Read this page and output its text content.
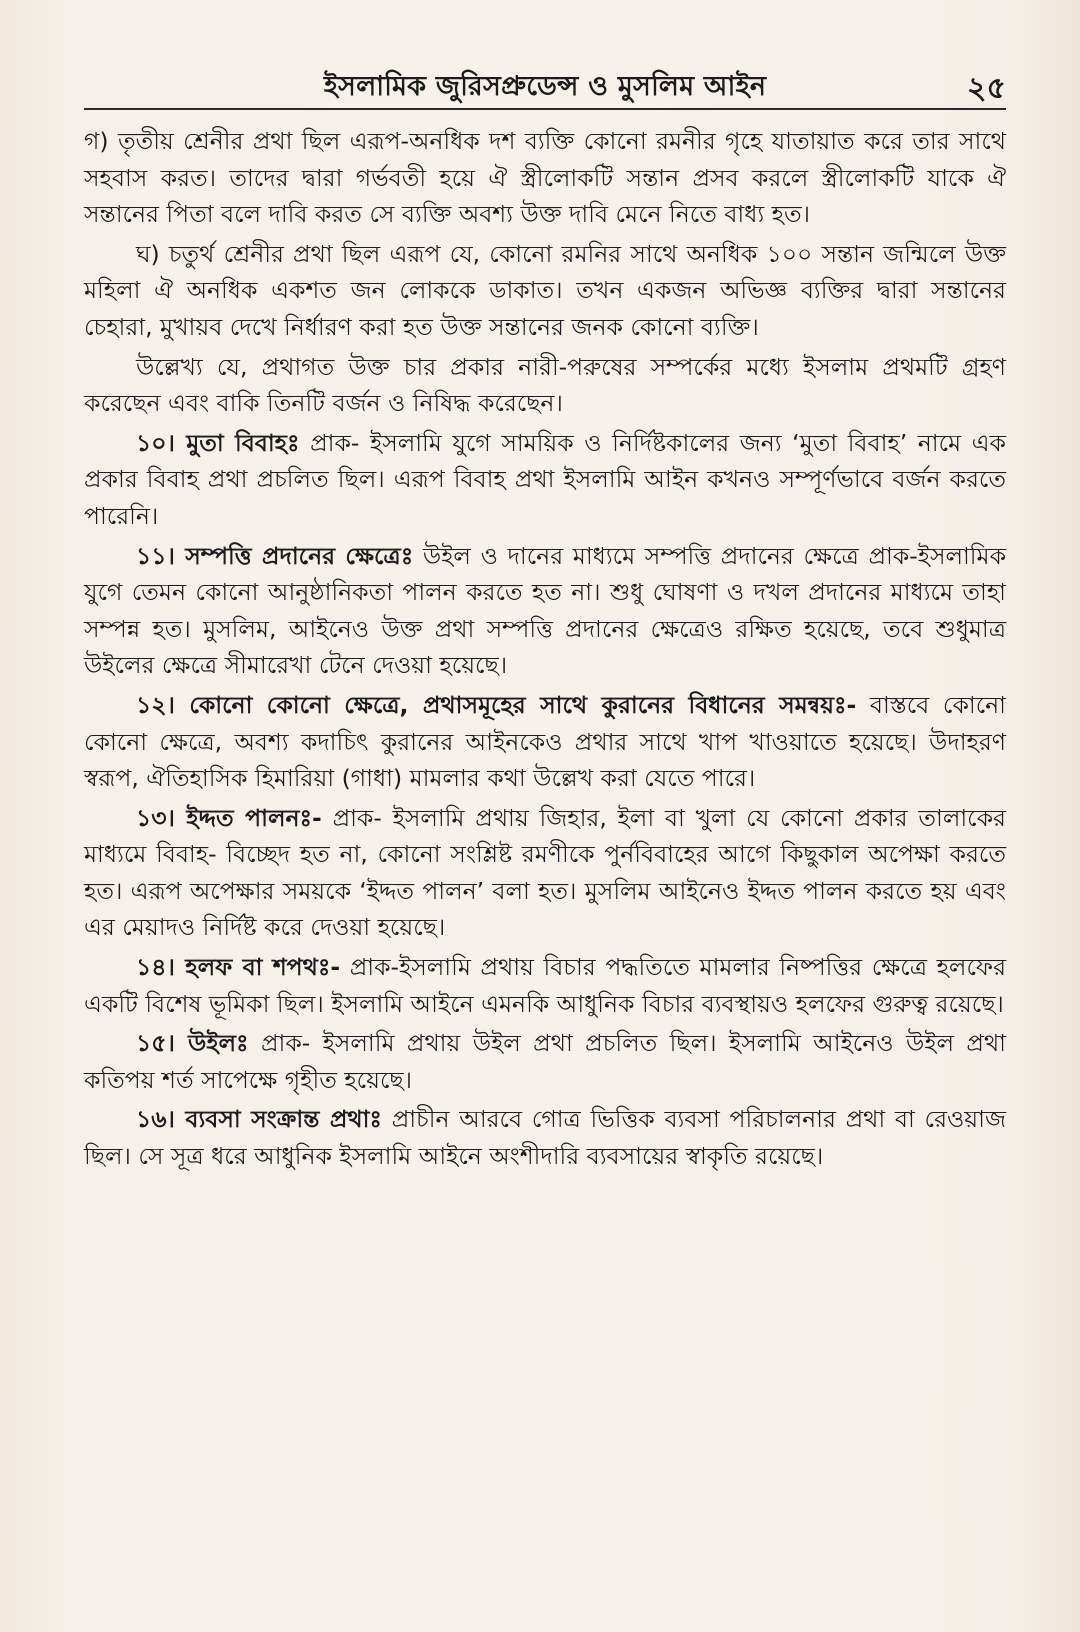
ইসলামিক জুরিসপ্রুডেন্স ও মুসলিম আইন	২৫

গ) তৃতীয় শ্রেনীর প্রথা ছিল এরূপ-অনধিক দশ ব্যক্তি কোনো রমনীর গৃহে যাতায়াত করে তার সাথে সহবাস করত। তাদের দ্বারা গর্ভবতী হয়ে ঐ স্ত্রীলোকটি সন্তান প্রসব করলে স্ত্রীলোকটি যাকে ঐ সন্তানের পিতা বলে দাবি করত সে ব্যক্তি অবশ্য উক্ত দাবি মেনে নিতে বাধ্য হত।

ঘ) চতুর্থ শ্রেনীর প্রথা ছিল এরূপ যে, কোনো রমনির সাথে অনধিক ১০০ সন্তান জন্মিলে উক্ত মহিলা ঐ অনধিক একশত জন লোককে ডাকাত। তখন একজন অভিজ্ঞ ব্যক্তির দ্বারা সন্তানের চেহারা, মুখায়ব দেখে নির্ধারণ করা হত উক্ত সন্তানের জনক কোনো ব্যক্তি।

উল্লেখ্য যে, প্রথাগত উক্ত চার প্রকার নারী-পরুষের সম্পর্কের মধ্যে ইসলাম প্রথমটি গ্রহণ করেছেন এবং বাকি তিনটি বর্জন ও নিষিদ্ধ করেছেন।

১০। মুতা বিবাহঃ প্রাক- ইসলামি যুগে সাময়িক ও নির্দিষ্টকালের জন্য ‘মুতা বিবাহ’ নামে এক প্রকার বিবাহ প্রথা প্রচলিত ছিল। এরূপ বিবাহ প্রথা ইসলামি আইন কখনও সম্পূর্ণভাবে বর্জন করতে পারেনি।

১১। সম্পত্তি প্রদানের ক্ষেত্রেঃ উইল ও দানের মাধ্যমে সম্পত্তি প্রদানের ক্ষেত্রে প্রাক-ইসলামিক যুগে তেমন কোনো আনুষ্ঠানিকতা পালন করতে হত না। শুধু ঘোষণা ও দখল প্রদানের মাধ্যমে তাহা সম্পন্ন হত। মুসলিম, আইনেও উক্ত প্রথা সম্পত্তি প্রদানের ক্ষেত্রেও রক্ষিত হয়েছে, তবে শুধুমাত্র উইলের ক্ষেত্রে সীমারেখা টেনে দেওয়া হয়েছে।

১২। কোনো কোনো ক্ষেত্রে, প্রথাসমূহের সাথে কুরানের বিধানের সমন্বয়ঃ- বাস্তবে কোনো কোনো ক্ষেত্রে, অবশ্য কদাচিৎ কুরানের আইনকেও প্রথার সাথে খাপ খাওয়াতে হয়েছে। উদাহরণ স্বরূপ, ঐতিহাসিক হিমারিয়া (গাধা) মামলার কথা উল্লেখ করা যেতে পারে।

১৩। ইদ্দত পালনঃ- প্রাক- ইসলামি প্রথায় জিহার, ইলা বা খুলা যে কোনো প্রকার তালাকের মাধ্যমে বিবাহ- বিচ্ছেদ হত না, কোনো সংশ্লিষ্ট রমণীকে পুর্নবিবাহের আগে কিছুকাল অপেক্ষা করতে হত। এরূপ অপেক্ষার সময়কে ‘ইদ্দত পালন’ বলা হত। মুসলিম আইনেও ইদ্দত পালন করতে হয় এবং এর মেয়াদও নির্দিষ্ট করে দেওয়া হয়েছে।

১৪। হলফ বা শপথঃ- প্রাক-ইসলামি প্রথায় বিচার পদ্ধতিতে মামলার নিষ্পত্তির ক্ষেত্রে হলফের একটি বিশেষ ভূমিকা ছিল। ইসলামি আইনে এমনকি আধুনিক বিচার ব্যবস্থায়ও হলফের গুরুত্ব রয়েছে।

১৫। উইলঃ প্রাক- ইসলামি প্রথায় উইল প্রথা প্রচলিত ছিল। ইসলামি আইনেও উইল প্রথা কতিপয় শর্ত সাপেক্ষে গৃহীত হয়েছে।

১৬। ব্যবসা সংক্রান্ত প্রথাঃ প্রাচীন আরবে গোত্র ভিত্তিক ব্যবসা পরিচালনার প্রথা বা রেওয়াজ ছিল। সে সূত্র ধরে আধুনিক ইসলামি আইনে অংশীদারি ব্যবসায়ের স্বাকৃতি রয়েছে।
